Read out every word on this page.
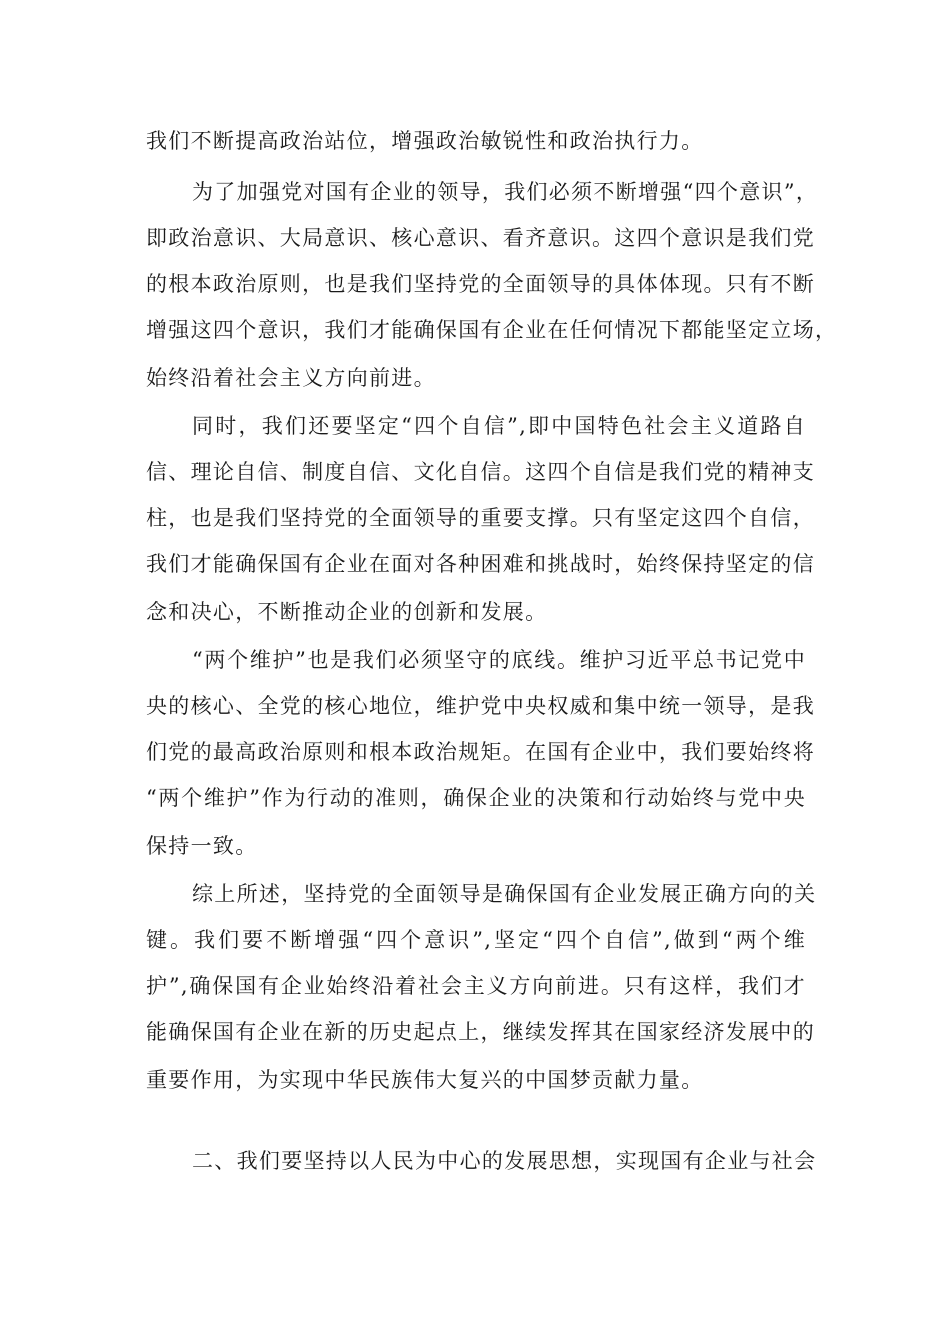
我们不断提高政治站位，增强政治敏锐性和政治执行力。
为了加强党对国有企业的领导，我们必须不断增强“四个意识”，
即政治意识、大局意识、核心意识、看齐意识。这四个意识是我们党
的根本政治原则，也是我们坚持党的全面领导的具体体现。只有不断
增强这四个意识，我们才能确保国有企业在任何情况下都能坚定立场，
始终沿着社会主义方向前进。
同时，我们还要坚定“四个自信”,即中国特色社会主义道路自
信、理论自信、制度自信、文化自信。这四个自信是我们党的精神支
柱，也是我们坚持党的全面领导的重要支撑。只有坚定这四个自信，
我们才能确保国有企业在面对各种困难和挑战时，始终保持坚定的信
念和决心，不断推动企业的创新和发展。
“两个维护”也是我们必须坚守的底线。维护习近平总书记党中
央的核心、全党的核心地位，维护党中央权威和集中统一领导，是我
们党的最高政治原则和根本政治规矩。在国有企业中，我们要始终将
“两个维护”作为行动的准则，确保企业的决策和行动始终与党中央
保持一致。
综上所述，坚持党的全面领导是确保国有企业发展正确方向的关
键。我们要不断增强“四个意识”,坚定“四个自信”,做到“两个维
护”,确保国有企业始终沿着社会主义方向前进。只有这样，我们才
能确保国有企业在新的历史起点上，继续发挥其在国家经济发展中的
重要作用，为实现中华民族伟大复兴的中国梦贡献力量。
二、我们要坚持以人民为中心的发展思想，实现国有企业与社会
